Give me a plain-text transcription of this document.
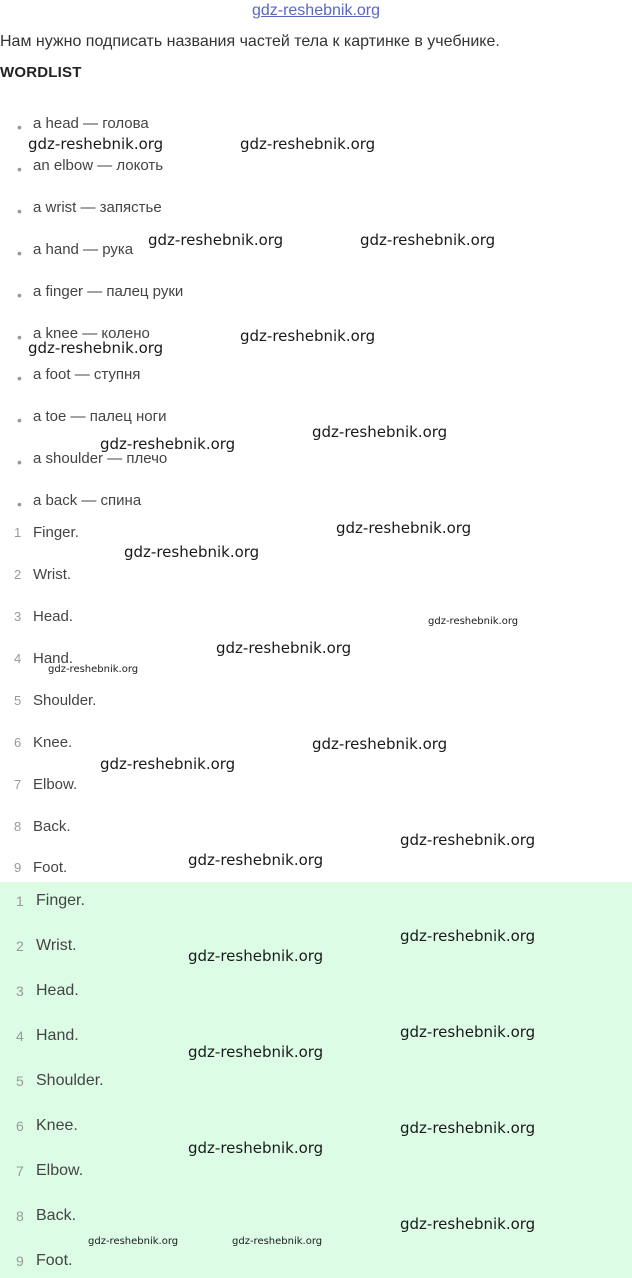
gdz-reshebnik.org
Нам нужно подписать названия частей тела к картинке в учебнике.
WORDLIST
• a head — голова
• an elbow — локоть
• a wrist — запястье
• a hand — рука
• a finger — палец руки
• a knee — колено
• a foot — ступня
• a toe — палец ноги
• a shoulder — плечо
• a back — спина
1 Finger.
2 Wrist.
3 Head.
4 Hand.
5 Shoulder.
6 Knee.
7 Elbow.
8 Back.
9 Foot.
1 Finger.
2 Wrist.
3 Head.
4 Hand.
5 Shoulder.
6 Knee.
7 Elbow.
8 Back.
9 Foot.
gdz-reshebnik.org	gdz-reshebnik.org
gdz-reshebnik.org	gdz-reshebnik.org
gdz-reshebnik.org
gdz-reshebnik.org
gdz-reshebnik.org
gdz-reshebnik.org
gdz-reshebnik.org
gdz-reshebnik.org
gdz-reshebnik.org
gdz-reshebnik.org
gdz-reshebnik.org
gdz-reshebnik.org
gdz-reshebnik.org
gdz-reshebnik.org
gdz-reshebnik.org
gdz-reshebnik.org
gdz-reshebnik.org
gdz-reshebnik.org
gdz-reshebnik.org
gdz-reshebnik.org
gdz-reshebnik.org
gdz-reshebnik.org
gdz-reshebnik.org	gdz-reshebnik.org
